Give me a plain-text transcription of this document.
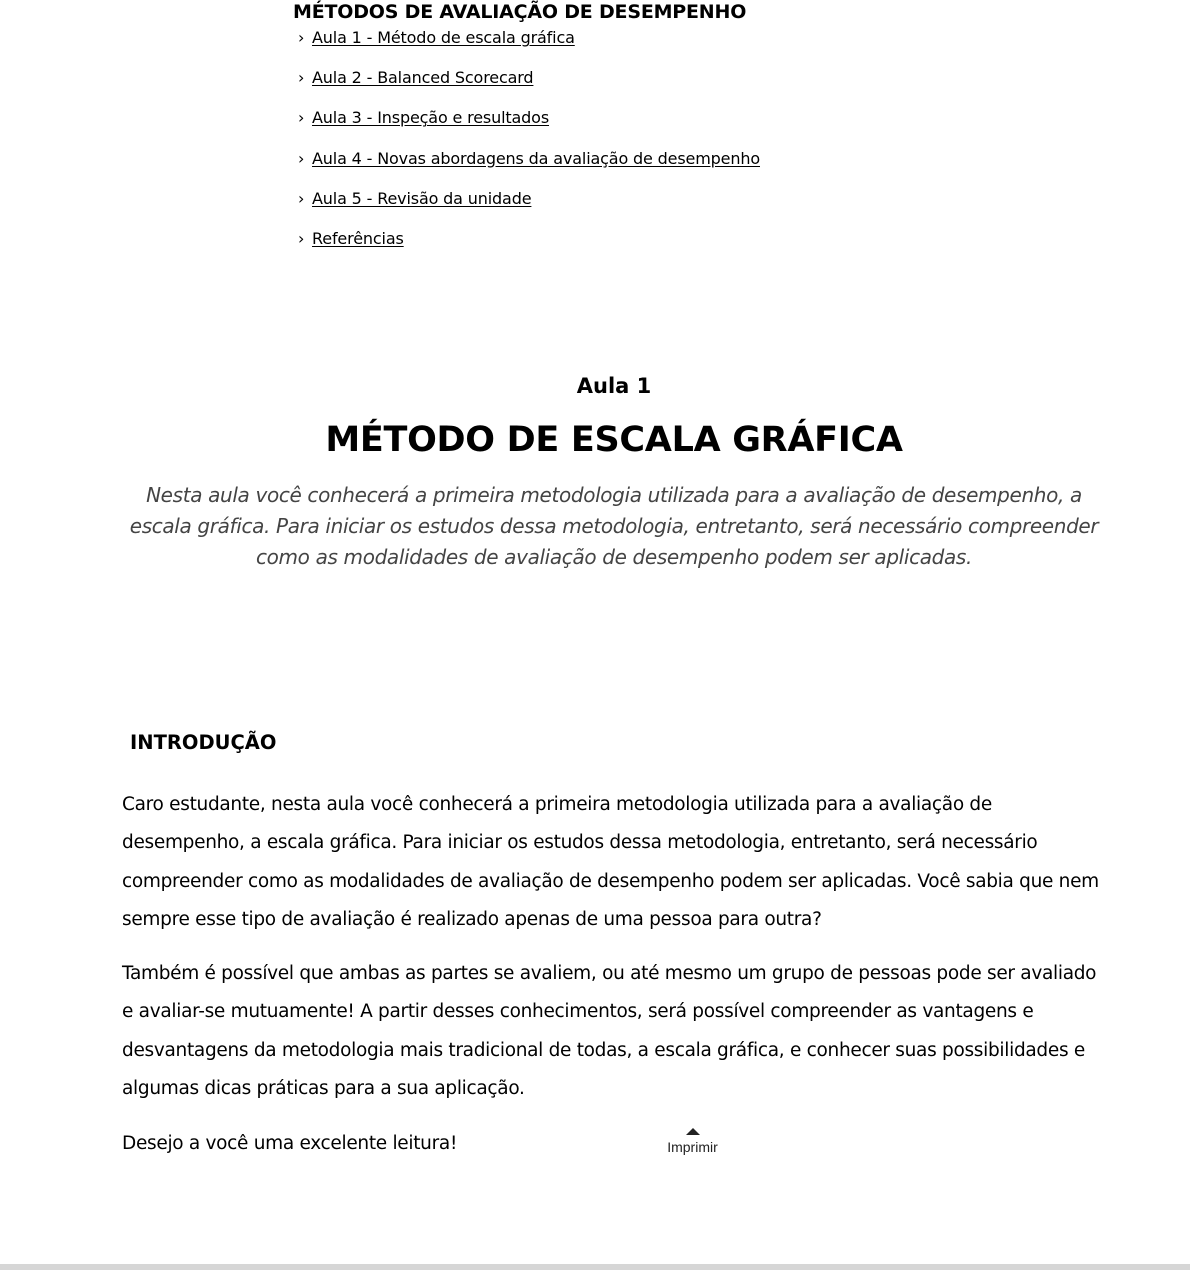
MÉTODOS DE AVALIAÇÃO DE DESEMPENHO
› Aula 1 - Método de escala gráfica
› Aula 2 - Balanced Scorecard
› Aula 3 - Inspeção e resultados
› Aula 4 - Novas abordagens da avaliação de desempenho
› Aula 5 - Revisão da unidade
› Referências
Aula 1
MÉTODO DE ESCALA GRÁFICA

Nesta aula você conhecerá a primeira metodologia utilizada para a avaliação de desempenho, a escala gráfica. Para iniciar os estudos dessa metodologia, entretanto, será necessário compreender como as modalidades de avaliação de desempenho podem ser aplicadas.

INTRODUÇÃO

Caro estudante, nesta aula você conhecerá a primeira metodologia utilizada para a avaliação de desempenho, a escala gráfica. Para iniciar os estudos dessa metodologia, entretanto, será necessário compreender como as modalidades de avaliação de desempenho podem ser aplicadas. Você sabia que nem sempre esse tipo de avaliação é realizado apenas de uma pessoa para outra?

Também é possível que ambas as partes se avaliem, ou até mesmo um grupo de pessoas pode ser avaliado e avaliar-se mutuamente! A partir desses conhecimentos, será possível compreender as vantagens e desvantagens da metodologia mais tradicional de todas, a escala gráfica, e conhecer suas possibilidades e algumas dicas práticas para a sua aplicação.

Desejo a você uma excelente leitura!	Imprimir
